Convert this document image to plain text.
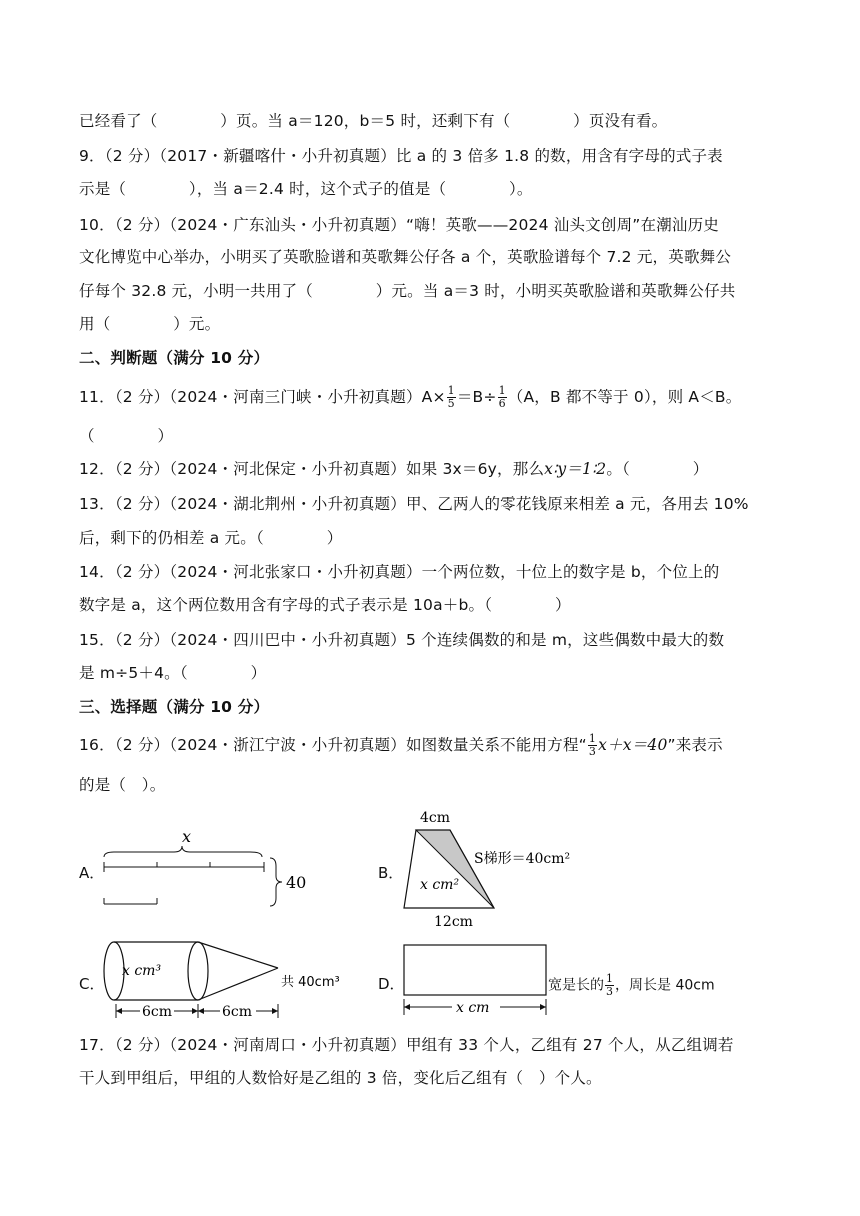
已经看了（　　　　）页。当 a＝120，b＝5 时，还剩下有（　　　　）页没有看。
9．（2 分）（2017・新疆喀什・小升初真题）比 a 的 3 倍多 1.8 的数，用含有字母的式子表
示是（　　　　），当 a＝2.4 时，这个式子的值是（　　　　）。
10．（2 分）（2024・广东汕头・小升初真题）“嗨！英歌——2024 汕头文创周”在潮汕历史
文化博览中心举办，小明买了英歌脸谱和英歌舞公仔各 a 个，英歌脸谱每个 7.2 元，英歌舞公
仔每个 32.8 元，小明一共用了（　　　　）元。当 a＝3 时，小明买英歌脸谱和英歌舞公仔共
用（　　　　）元。
二、判断题（满分 10 分）
11．（2 分）（2024・河南三门峡・小升初真题）$A\times \frac{1}{5} =B\div \frac{1}{6} (A$，B 都不等于 0），则 A＜B。
（　　　　）
12．（2 分）（2024・河北保定・小升初真题）如果 3x＝6y，那么x∶y＝1∶2。（　　　　）
13．（2 分）（2024・湖北荆州・小升初真题）甲、乙两人的零花钱原来相差 a 元，各用去 10%
后，剩下的仍相差 a 元。（　　　　）
14．（2 分）（2024・河北张家口・小升初真题）一个两位数，十位上的数字是 b，个位上的
数字是 a，这个两位数用含有字母的式子表示是 10a＋b。（　　　　）
15．（2 分）（2024・四川巴中・小升初真题）5 个连续偶数的和是 m，这些偶数中最大的数
是 m÷5＋4。（　　　　）
三、选择题（满分 10 分）
16．（2 分）（2024・浙江宁波・小升初真题）如图数量关系不能用方程“ $\frac{1}{3} x+x=40$”来表示
的是（　）。
A．
x
40	B．
4cm
x cm²
S梯形＝40cm²
12cm
C．
x cm³
6cm	6cm
共 40cm³	D．
x cm
宽是长的 $\frac{1}{3}$ ，周长是 40cm
17．（2 分）（2024・河南周口・小升初真题）甲组有 33 个人，乙组有 27 个人，从乙组调若
干人到甲组后，甲组的人数恰好是乙组的 3 倍，变化后乙组有（　）个人。
